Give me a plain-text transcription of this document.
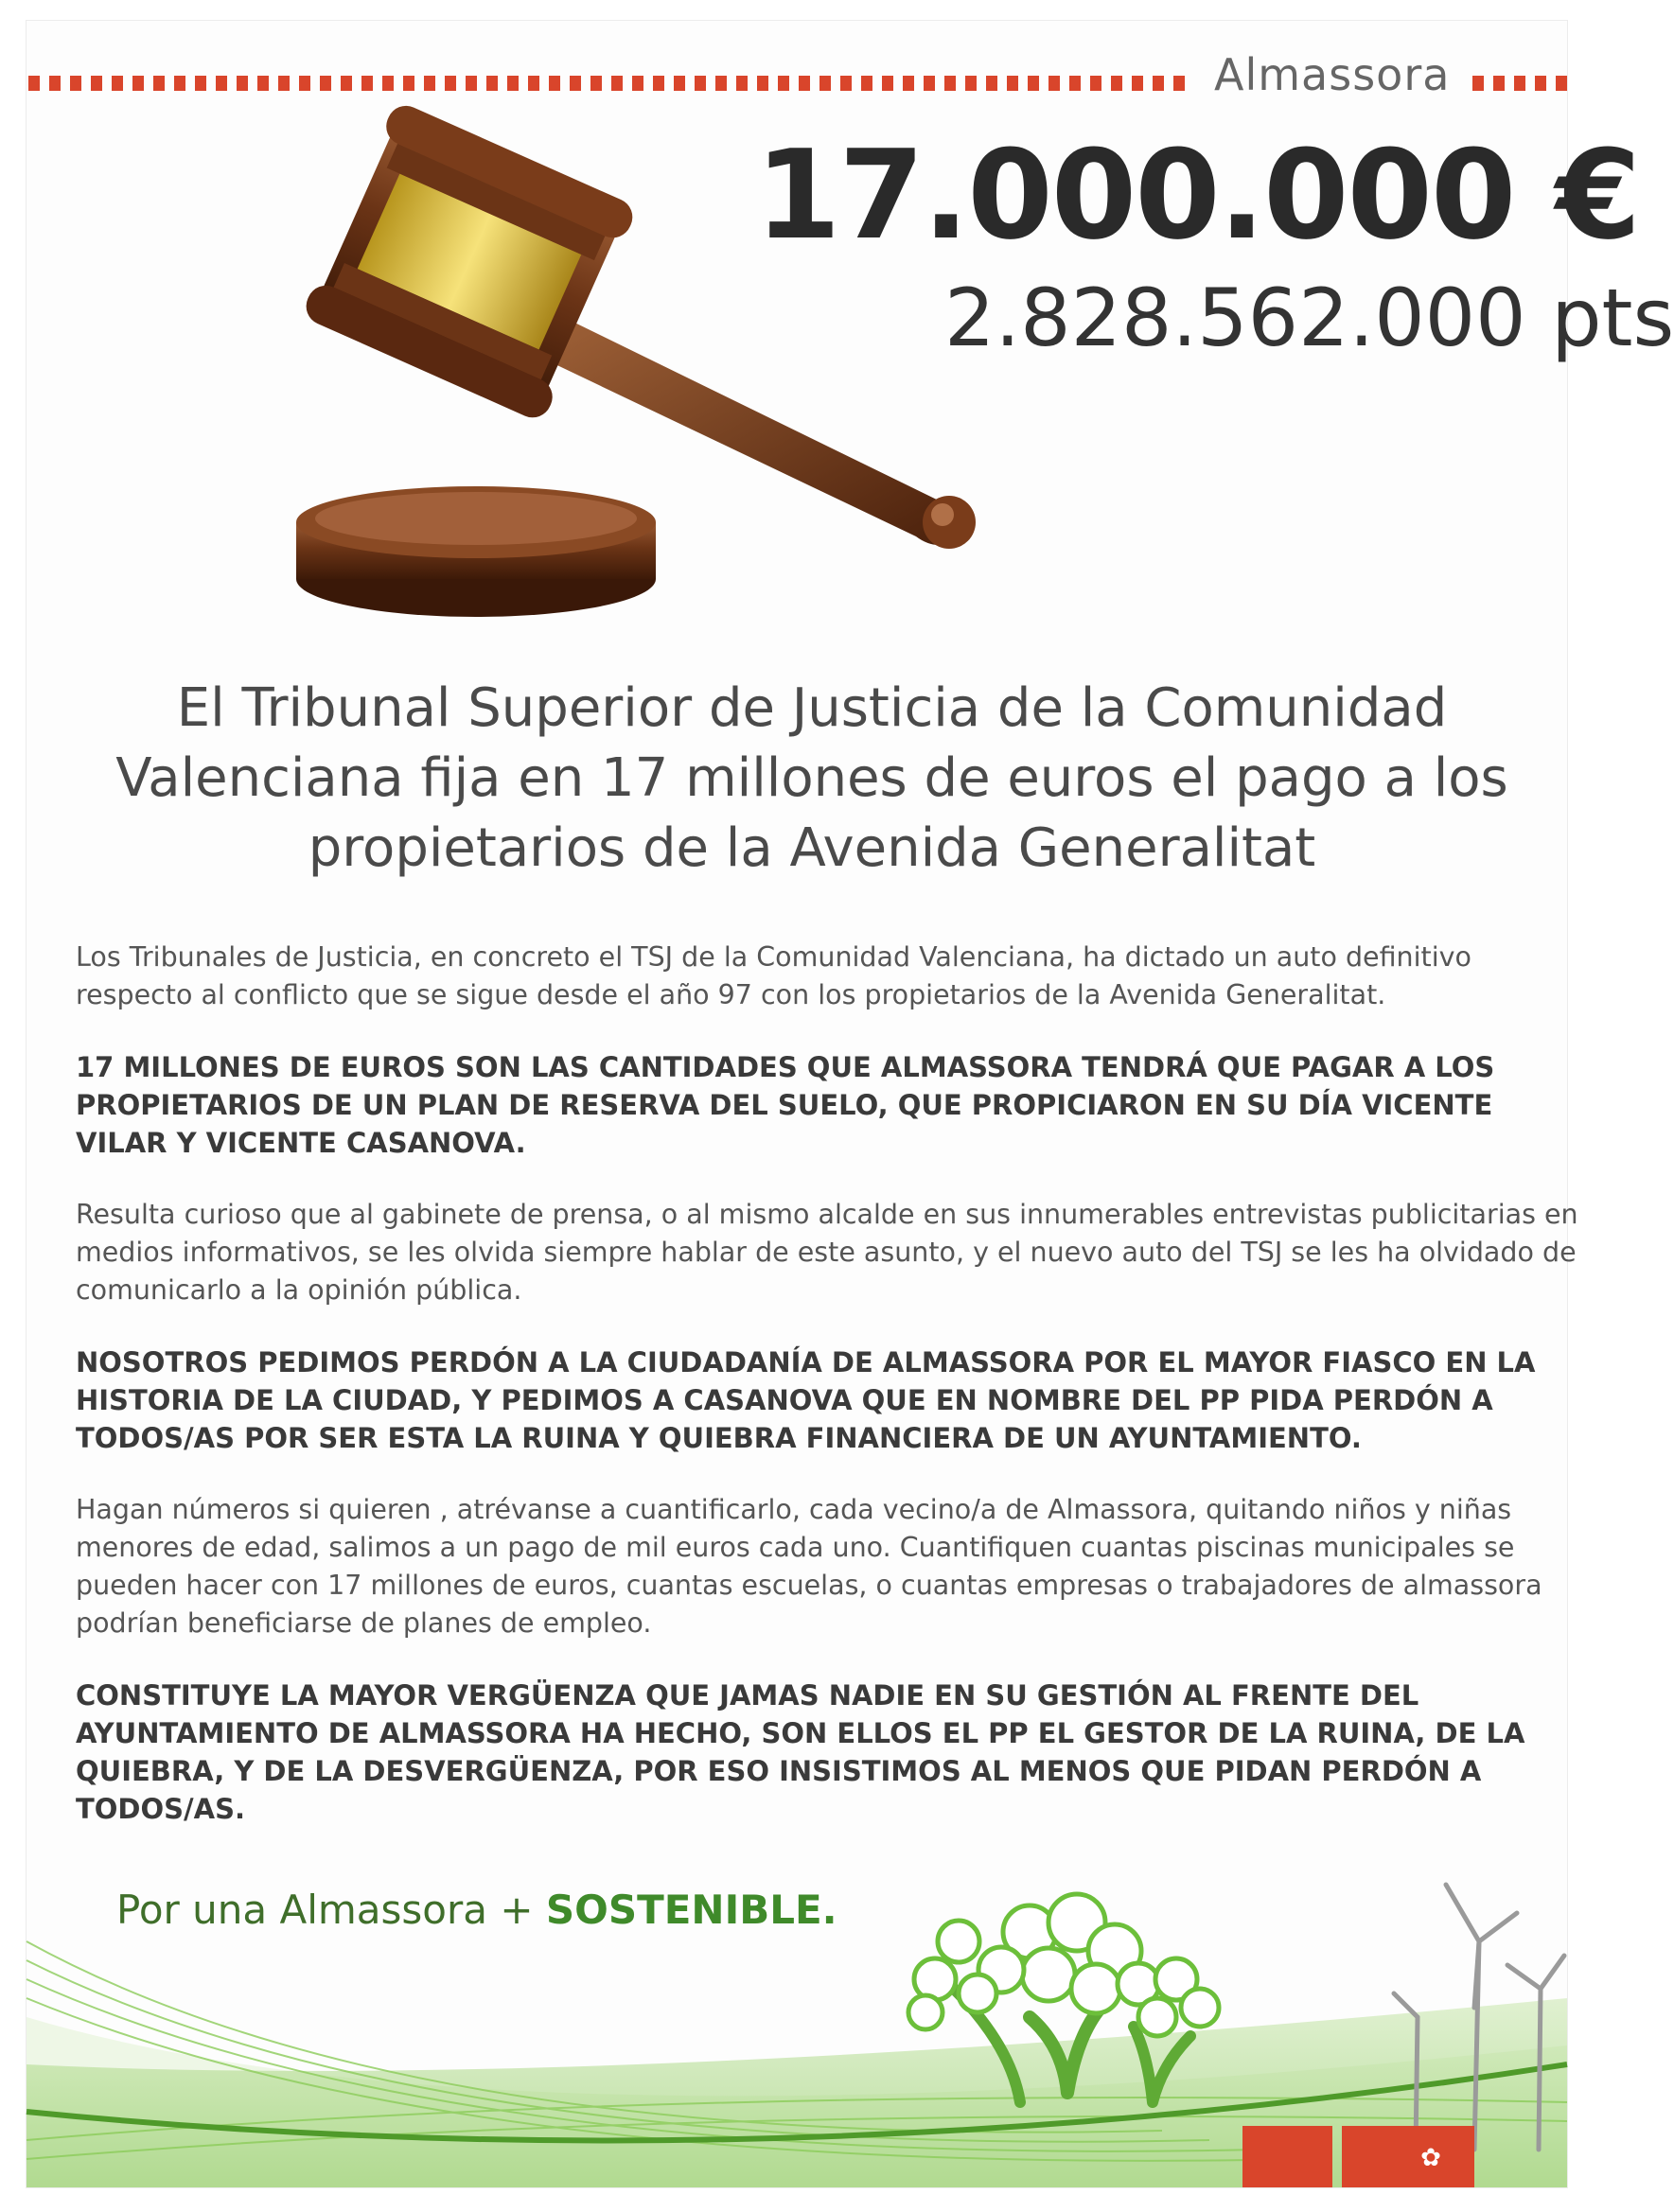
Almassora
17.000.000 €
2.828.562.000 pts
El Tribunal Superior de Justicia de la Comunidad Valenciana fija en 17 millones de euros el pago a los propietarios de la Avenida Generalitat

Los Tribunales de Justicia, en concreto el TSJ de la Comunidad Valenciana, ha dictado un auto definitivo respecto al conflicto que se sigue desde el año 97 con los propietarios de la Avenida Generalitat.

17 MILLONES DE EUROS SON LAS CANTIDADES QUE ALMASSORA TENDRÁ QUE PAGAR A LOS PROPIETARIOS DE UN PLAN DE RESERVA DEL SUELO, QUE PROPICIARON EN SU DÍA VICENTE VILAR Y VICENTE CASANOVA.

Resulta curioso que al gabinete de prensa, o al mismo alcalde en sus innumerables entrevistas publicitarias en medios informativos, se les olvida siempre hablar de este asunto, y el nuevo auto del TSJ se les ha olvidado de comunicarlo a la opinión pública.

NOSOTROS PEDIMOS PERDÓN A LA CIUDADANÍA DE ALMASSORA POR EL MAYOR FIASCO EN LA HISTORIA DE LA CIUDAD, Y PEDIMOS A CASANOVA QUE EN NOMBRE DEL PP PIDA PERDÓN A TODOS/AS POR SER ESTA LA RUINA Y QUIEBRA FINANCIERA DE UN AYUNTAMIENTO.

Hagan números si quieren , atrévanse a cuantificarlo, cada vecino/a de Almassora, quitando niños y niñas menores de edad, salimos a un pago de mil euros cada uno. Cuantifiquen cuantas piscinas municipales se pueden hacer con 17 millones de euros, cuantas escuelas, o cuantas empresas o trabajadores de almassora podrían beneficiarse de planes de empleo.

CONSTITUYE LA MAYOR VERGÜENZA QUE JAMAS NADIE EN SU GESTIÓN AL FRENTE DEL AYUNTAMIENTO DE ALMASSORA HA HECHO, SON ELLOS EL PP EL GESTOR DE LA RUINA, DE LA QUIEBRA, Y DE LA DESVERGÜENZA, POR ESO INSISTIMOS AL MENOS QUE PIDAN PERDÓN A TODOS/AS.

Por una Almassora + SOSTENIBLE.
✿
